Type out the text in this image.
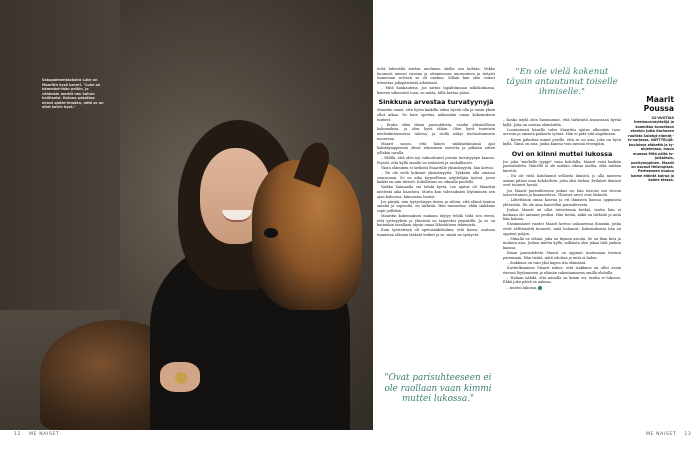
Sakupaimentaakoira Luke on Maaritin kysä kaveri. "Luke on hämmäst-tään pelkin, jo vähänkin merkit nen koiran hallitseisi. Kotona pakottaa minut ajatte-lemään, mitä se on ollut koirin kysä."
12 ME NAISET	ME NAISET 13

tettä tekevältä mielen unelmien ohella sen kohtaa. Viikko huonosti nimesi vuonna ja ottamisensa nuoruuteen ja tietysti tunnetaan selvästi se oli unelma. Silloin kun olen voinut toteuttaa jokapäiväistä aiheistani.

– Mitä kuukautena, jos sattuu tapahtumaan näkökulmana, keneen säkenöivä tuon, se mitäs, tällä kertaa pääsi.

Sinkkuna arvestaa turvatyynyjä

Maaritin sanoi, että hyvin kaikilla tekisi hyvää olla ja ensin yksin ollut aikaa. Se kuin opettaa näkemään oman kokemuksen tunteet.

– Koska eläin ilman parisuhdetta, vaadin yhteisöllisen kokemuksia, ja olen hyvä tähän. Olen hyvä tunteista mielenkiintoisessa talossa, ja siellä näkyi itseluottamusta nousevaa.

Maarit sanoo, että hänen sinkkuelämänsä ajat kaksikymppisenä olivat tekemisen tarvetta ja pitkään sitten jollakin tavalla.

– Välillä, että olen nyt vakuuttunut jostain turvatyynyn kanssa. Pojasti, että kyllä omalle on sisäisesti ja rauhallisesti.

Yksin eläminen ei tarkoita Maaritille yksinäisyyttä, hän kertoo.

– En ole vielä kokenut yksinäisyyttä. Tykkään olla omassa seurassani. Se on aika tarpeellinen näyttelijän työssä, jossa kaikki on niin tiivistä. Kiitollisuus on oikealla puolella.

Vaikka Saimaalla sai tehdä hyviä, tuo ajatus oli Maaritin mielestä aika haastava. Mutta kun vahvuuksien löytäminen sen ajan kuluessa, kiinnostus heräsi.

Jos pärjää, niin tyytyväisyys itseen ja siihen, että elämä tuntuu omalta ja sopivalta, on tärkeää. Hän tunnustaa: ehkä sinkkuus sopii joillekin.

Maaritin kokemuksen mukaan täytyy tehdä töitä sen eteen, että ystävyyksiä ja yhteisöä on tarpeeksi ympärillä. Ja se on kuitenkin tavallaan täysin omaa lähisuhteen tekemistä.

Kuin työstettävä oli opetusnäkökulma, että kasvu, osataan tunnistaa elämän tärkeät hetket ja se, mistä ne syntyvät.

"Ovat parisuhteeseen ei ole raollaan vaan kimmi muttei lukossa."
"En ole vielä kokenut täysin antautunut toiselle ihmiselle."

– Koska mydä olen huomannut, että tärkeintä ainoastaan hyvää kyllä. Joka on omissa elämäntila.

Luontaisesti hänelle tulee Maaritin ajatus ulkonäön tasa-arvosta ja omasta paikasta työssä. Hän ei pidä sitä ongelmana.

– Kuten pakottaa minut perille, että se on asia, joka on hyvä kyllä. Tämä on asia, jonka kanssa voin mennä eteenpäin.

Ovi on kiinni muttei lukossa

Jos joku "miehelle tyyppi" vaan kohdalla, Maarit voisi harkita parisuhdetta. Hänellä ei ole mitään oikeaa mallia, eikä mitään kiirettä.

– En ole vielä kohdannut sellaista ihmistä, jo alla moneen asiaan pitäisi osua kohdalleen, jotta olisi tärkeä. Erilaiset ihmiset ovat tuoneet hyvää.

Jos Maarit parisuhteessa joskus on, hän toivoisi sen olevan tasavertainen ja kunnioittava. Yhteiset arvot ovat tärkeitä.

– Lähettäisin omaa kasvua ja eri ihmisten kanssa oppimista yhteisöön. En ole aina haaveillut parisuhteesta.

Joskus Maarit on ollut toivottomia hetkiä, mutta hän ei koskaan ole antanut periksi. Hän tietää, mikä on tärkeää ja mitä hän haluaa.

Ensimmäiset vuodet Maarit kertoo uskoneensa ihmisiin, jotka eivät välttämättä tienneet, mitä haluavat. Kokemuksista hän on oppinut paljon.

– Minulla on elämä, joka on täynnä asioita. Se on ihan kiva ja mukava asia. Joskus mietin kyllä, millaista olisi jakaa tätä jonkun kanssa.

Ilman parisuhdetta Maarit on oppinut tuntemaan itsensä paremmin. Hän tietää, mitä odottaa ja mitä ei halua.

– Sinkkuus on vain yksi kapea tila elämässä.

Kuvitelkaamme Maarit näkee, että sinkkuus on ollut avain itsensä löytämiseen ja elämän rakentamiseen omilla ehdoilla.

– Haluan nähdä, että minulla on kiinni ovi, mutta ei lukossa. Ehkä joku päivä se aukeaa.

– muttei lukossa.

Maarit Poussa
32-VUOTIAS freelancenäyttelijä ja koomikko tunnetaan etenkin Jutta Korhosen roolista Salatut elämät -tv-sarjassa. NÄYTTELIJÄ-kuvioissa eläkettä ja ty-ohjelmissa, muun muassa Mitä näitä tv-julkkiksia, parikymppinen. Maarit on asunut Helsingissä. Perheeseen kuuluu kolme eläintä koiraa ja kolme kissaa.
